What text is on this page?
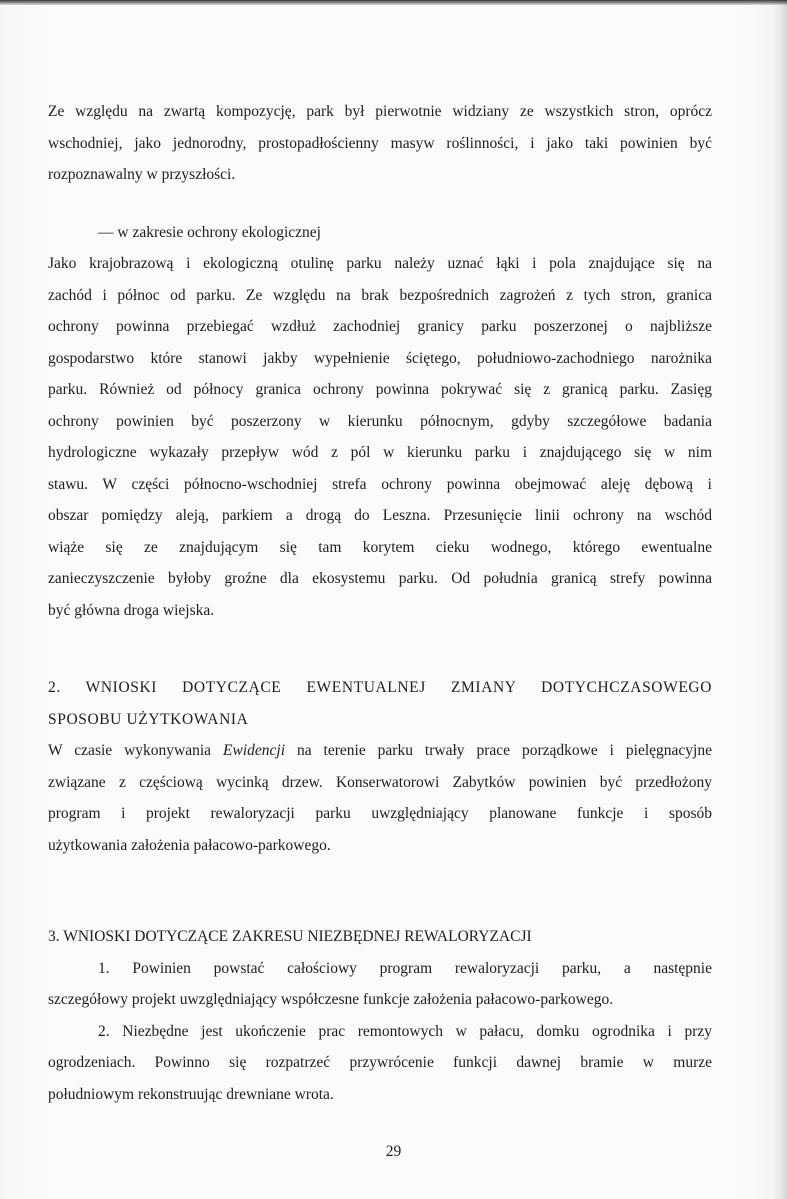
Ze względu na zwartą kompozycję, park był pierwotnie widziany ze wszystkich stron, oprócz
wschodniej, jako jednorodny, prostopadłościenny masyw roślinności, i jako taki powinien być
rozpoznawalny w przyszłości.

— w zakresie ochrony ekologicznej
Jako krajobrazową i ekologiczną otulinę parku należy uznać łąki i pola znajdujące się na
zachód i północ od parku. Ze względu na brak bezpośrednich zagrożeń z tych stron, granica
ochrony powinna przebiegać wzdłuż zachodniej granicy parku poszerzonej o najbliższe
gospodarstwo które stanowi jakby wypełnienie ściętego, południowo-zachodniego narożnika
parku. Również od północy granica ochrony powinna pokrywać się z granicą parku. Zasięg
ochrony powinien być poszerzony w kierunku północnym, gdyby szczegółowe badania
hydrologiczne wykazały przepływ wód z pól w kierunku parku i znajdującego się w nim
stawu. W części północno-wschodniej strefa ochrony powinna obejmować aleję dębową i
obszar pomiędzy aleją, parkiem a drogą do Leszna. Przesunięcie linii ochrony na wschód
wiąże się ze znajdującym się tam korytem cieku wodnego, którego ewentualne
zanieczyszczenie byłoby groźne dla ekosystemu parku. Od południa granicą strefy powinna
być główna droga wiejska.

2. WNIOSKI DOTYCZĄCE EWENTUALNEJ ZMIANY DOTYCHCZASOWEGO
SPOSOBU UŻYTKOWANIA
W czasie wykonywania Ewidencji na terenie parku trwały prace porządkowe i pielęgnacyjne
związane z częściową wycinką drzew. Konserwatorowi Zabytków powinien być przedłożony
program i projekt rewaloryzacji parku uwzględniający planowane funkcje i sposób
użytkowania założenia pałacowo-parkowego.

3. WNIOSKI DOTYCZĄCE ZAKRESU NIEZBĘDNEJ REWALORYZACJI
1. Powinien powstać całościowy program rewaloryzacji parku, a następnie
szczegółowy projekt uwzględniający współczesne funkcje założenia pałacowo-parkowego.
2. Niezbędne jest ukończenie prac remontowych w pałacu, domku ogrodnika i przy
ogrodzeniach. Powinno się rozpatrzeć przywrócenie funkcji dawnej bramie w murze
południowym rekonstruując drewniane wrota.

29
